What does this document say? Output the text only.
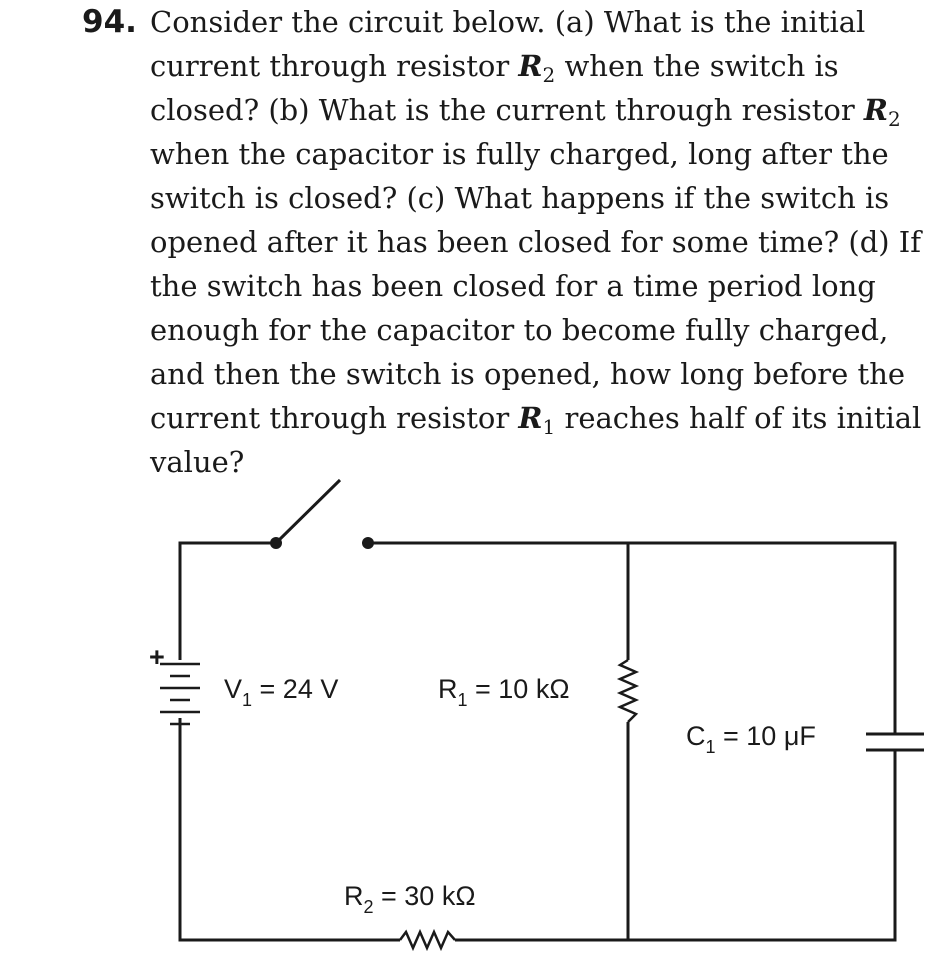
94. Consider the circuit below. (a) What is the initial
current through resistor $R_2$ when the switch is
closed? (b) What is the current through resistor $R_2$
when the capacitor is fully charged, long after the
switch is closed? (c) What happens if the switch is
opened after it has been closed for some time? (d) If
the switch has been closed for a time period long
enough for the capacitor to become fully charged,
and then the switch is opened, how long before the
current through resistor $R_1$ reaches half of its initial
value?
+
V1 = 24 V	R1 = 10 kΩ
C1 = 10 μF
R2 = 30 kΩ
